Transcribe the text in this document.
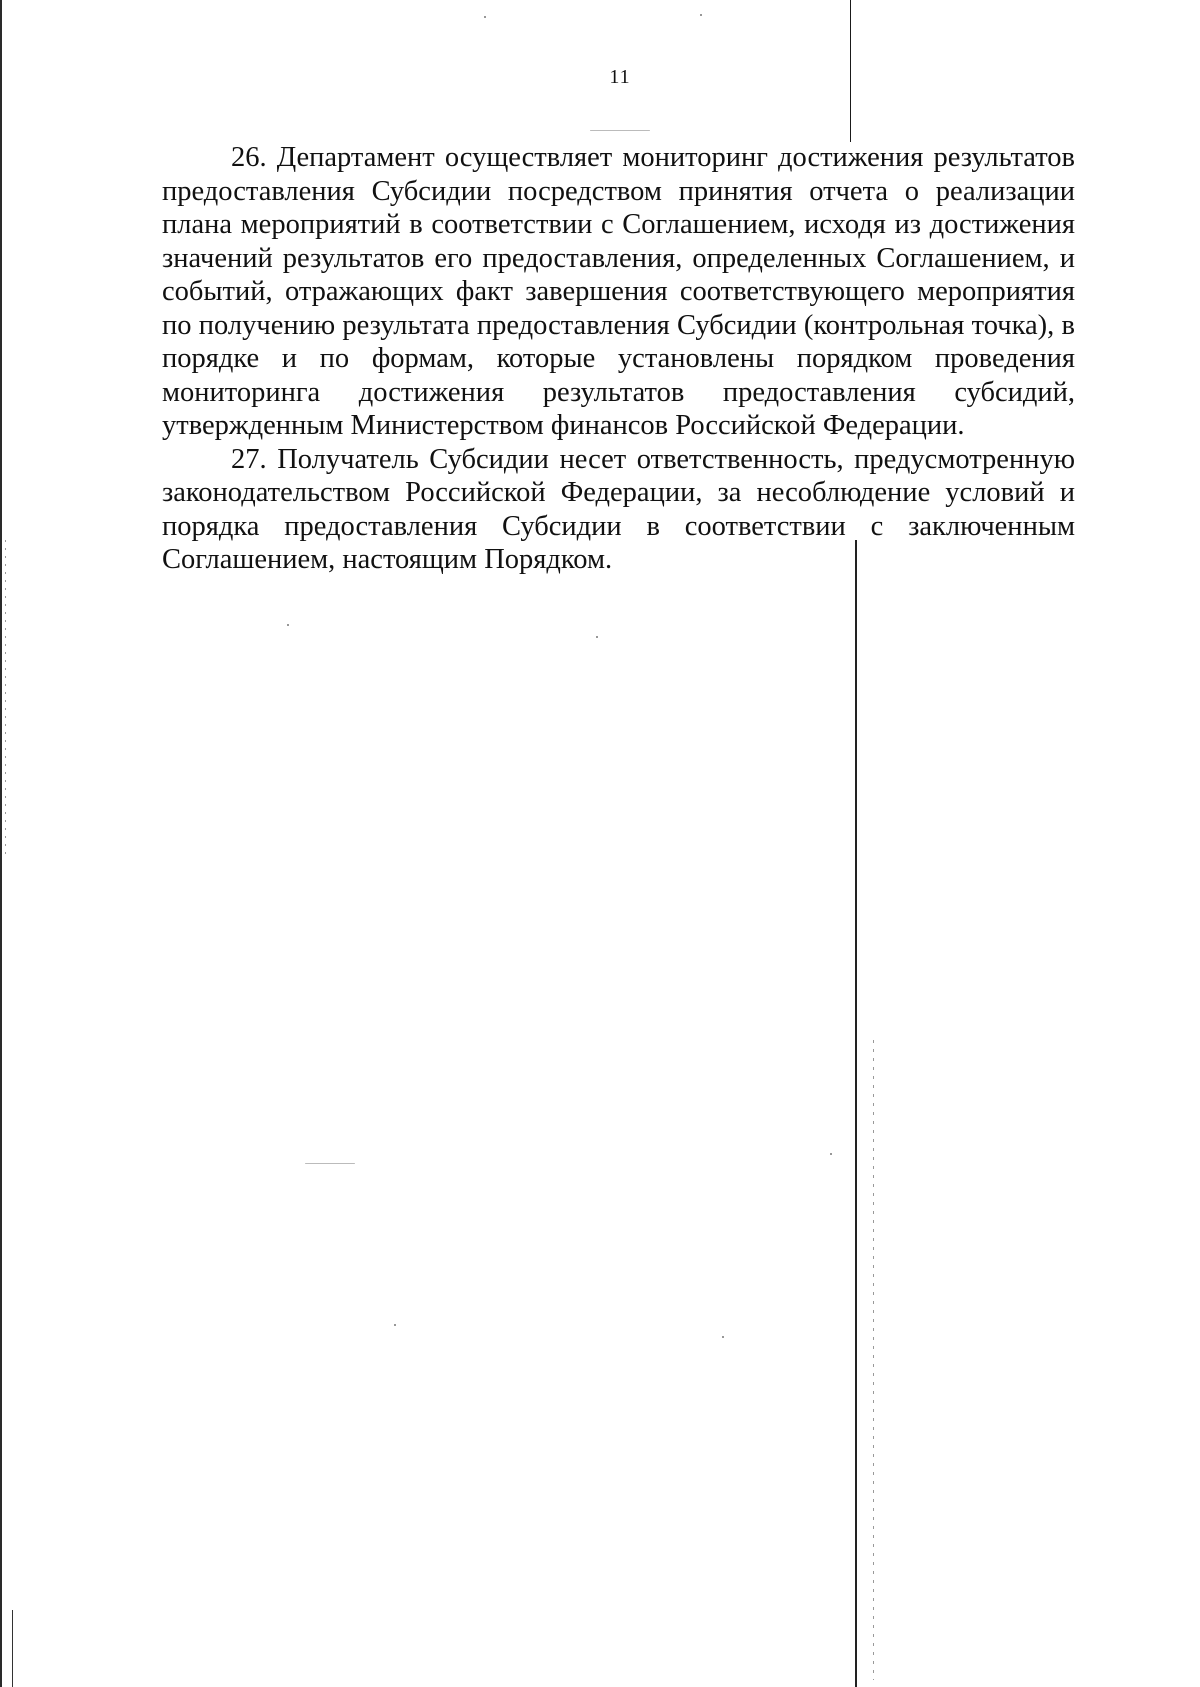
11

26. Департамент осуществляет мониторинг достижения результатов предоставления Субсидии посредством принятия отчета о реализации плана мероприятий в соответствии с Соглашением, исходя из достижения значений результатов его предоставления, определенных Соглашением, и событий, отражающих факт завершения соответствующего мероприятия по получению результата предоставления Субсидии (контрольная точка), в порядке и по формам, которые установлены порядком проведения мониторинга достижения результатов предоставления субсидий, утвержденным Министерством финансов Российской Федерации.

27. Получатель Субсидии несет ответственность, предусмотренную законодательством Российской Федерации, за несоблюдение условий и порядка предоставления Субсидии в соответствии с заключенным Соглашением, настоящим Порядком.
